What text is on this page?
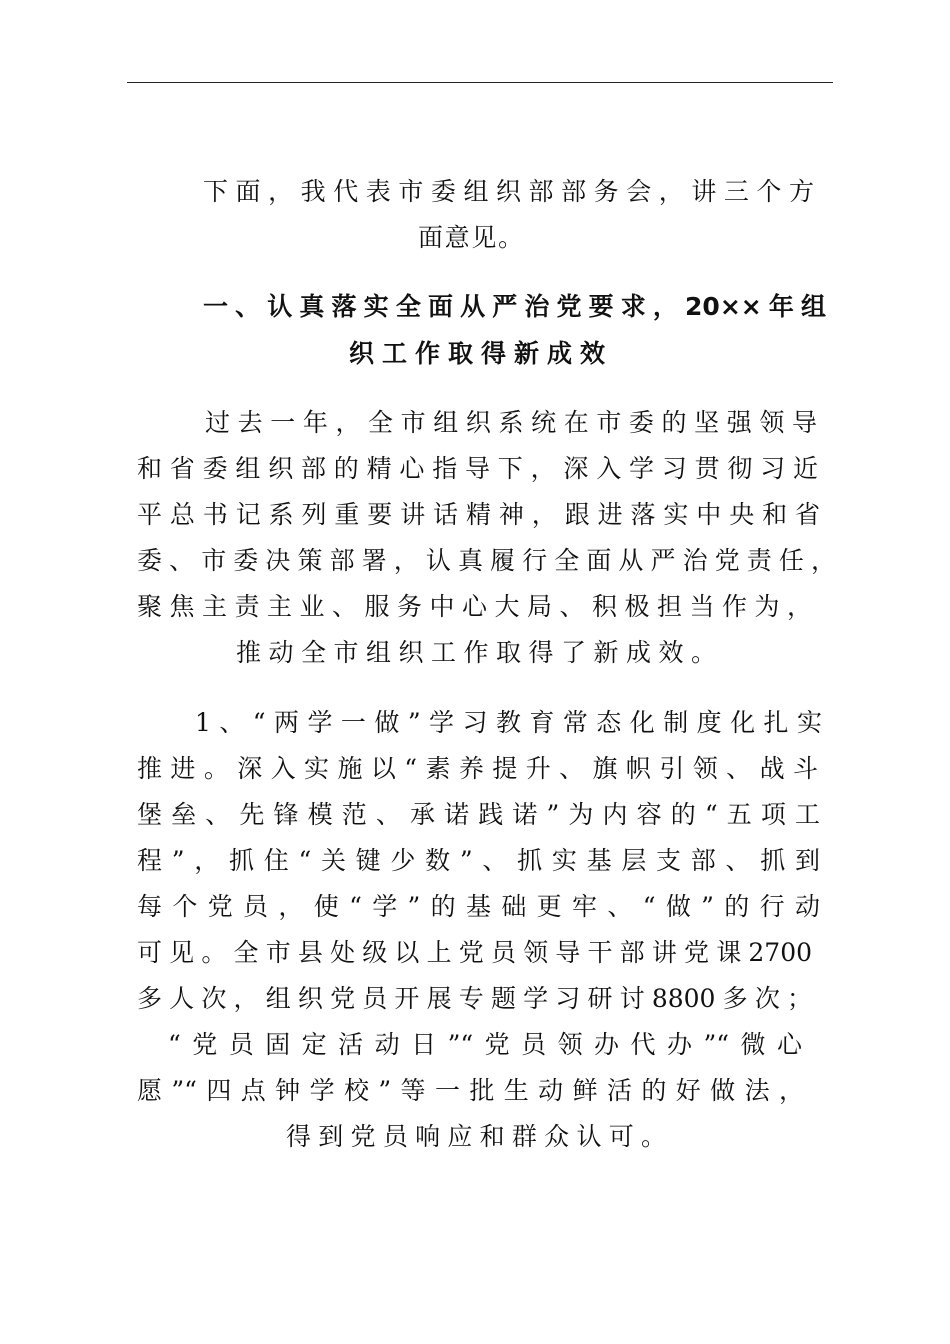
下面，我代表市委组织部部务会，讲三个方
面意见。
一、认真落实全面从严治党要求，20××年组
织工作取得新成效
过去一年，全市组织系统在市委的坚强领导
和省委组织部的精心指导下，深入学习贯彻习近
平总书记系列重要讲话精神，跟进落实中央和省
委、市委决策部署，认真履行全面从严治党责任，
聚焦主责主业、服务中心大局、积极担当作为，
推动全市组织工作取得了新成效。
1、“两学一做”学习教育常态化制度化扎实
推进。深入实施以“素养提升、旗帜引领、战斗
堡垒、先锋模范、承诺践诺”为内容的“五项工
程”，抓住“关键少数”、抓实基层支部、抓到
每个党员，使“学”的基础更牢、“做”的行动
可见。全市县处级以上党员领导干部讲党课2700
多人次，组织党员开展专题学习研讨8800多次；
“党员固定活动日”“党员领办代办”“微心
愿”“四点钟学校”等一批生动鲜活的好做法，
得到党员响应和群众认可。
